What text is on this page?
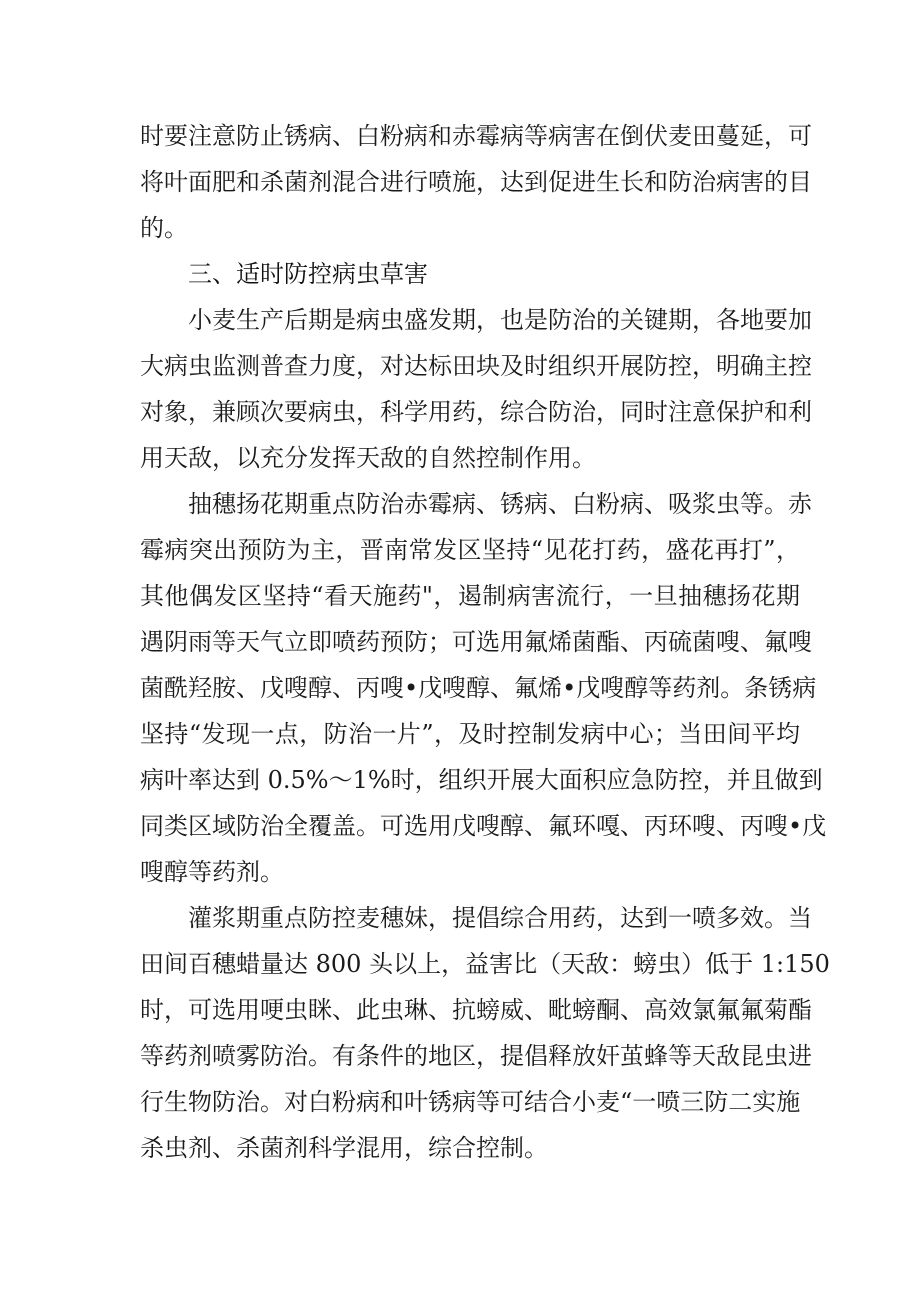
时要注意防止锈病、白粉病和赤霉病等病害在倒伏麦田蔓延，可
将叶面肥和杀菌剂混合进行喷施，达到促进生长和防治病害的目
的。
三、适时防控病虫草害
小麦生产后期是病虫盛发期，也是防治的关键期，各地要加
大病虫监测普查力度，对达标田块及时组织开展防控，明确主控
对象，兼顾次要病虫，科学用药，综合防治，同时注意保护和利
用天敌，以充分发挥天敌的自然控制作用。
抽穗扬花期重点防治赤霉病、锈病、白粉病、吸浆虫等。赤
霉病突出预防为主，晋南常发区坚持“见花打药，盛花再打”，
其他偶发区坚持“看天施药"，遏制病害流行，一旦抽穗扬花期
遇阴雨等天气立即喷药预防；可选用氟烯菌酯、丙硫菌嗖、氟嗖
菌酰羟胺、戊嗖醇、丙嗖•戊嗖醇、氟烯•戊嗖醇等药剂。条锈病
坚持“发现一点，防治一片”，及时控制发病中心；当田间平均
病叶率达到 0.5%～1%时，组织开展大面积应急防控，并且做到
同类区域防治全覆盖。可选用戊嗖醇、氟环嘎、丙环嗖、丙嗖•戊
嗖醇等药剂。
灌浆期重点防控麦穗妹，提倡综合用药，达到一喷多效。当
田间百穗蜡量达 800 头以上，益害比（天敌：螃虫）低于 1:150
时，可选用哽虫眯、此虫琳、抗螃威、毗螃酮、高效氯氟氟菊酯
等药剂喷雾防治。有条件的地区，提倡释放奸茧蜂等天敌昆虫进
行生物防治。对白粉病和叶锈病等可结合小麦“一喷三防二实施
杀虫剂、杀菌剂科学混用，综合控制。
